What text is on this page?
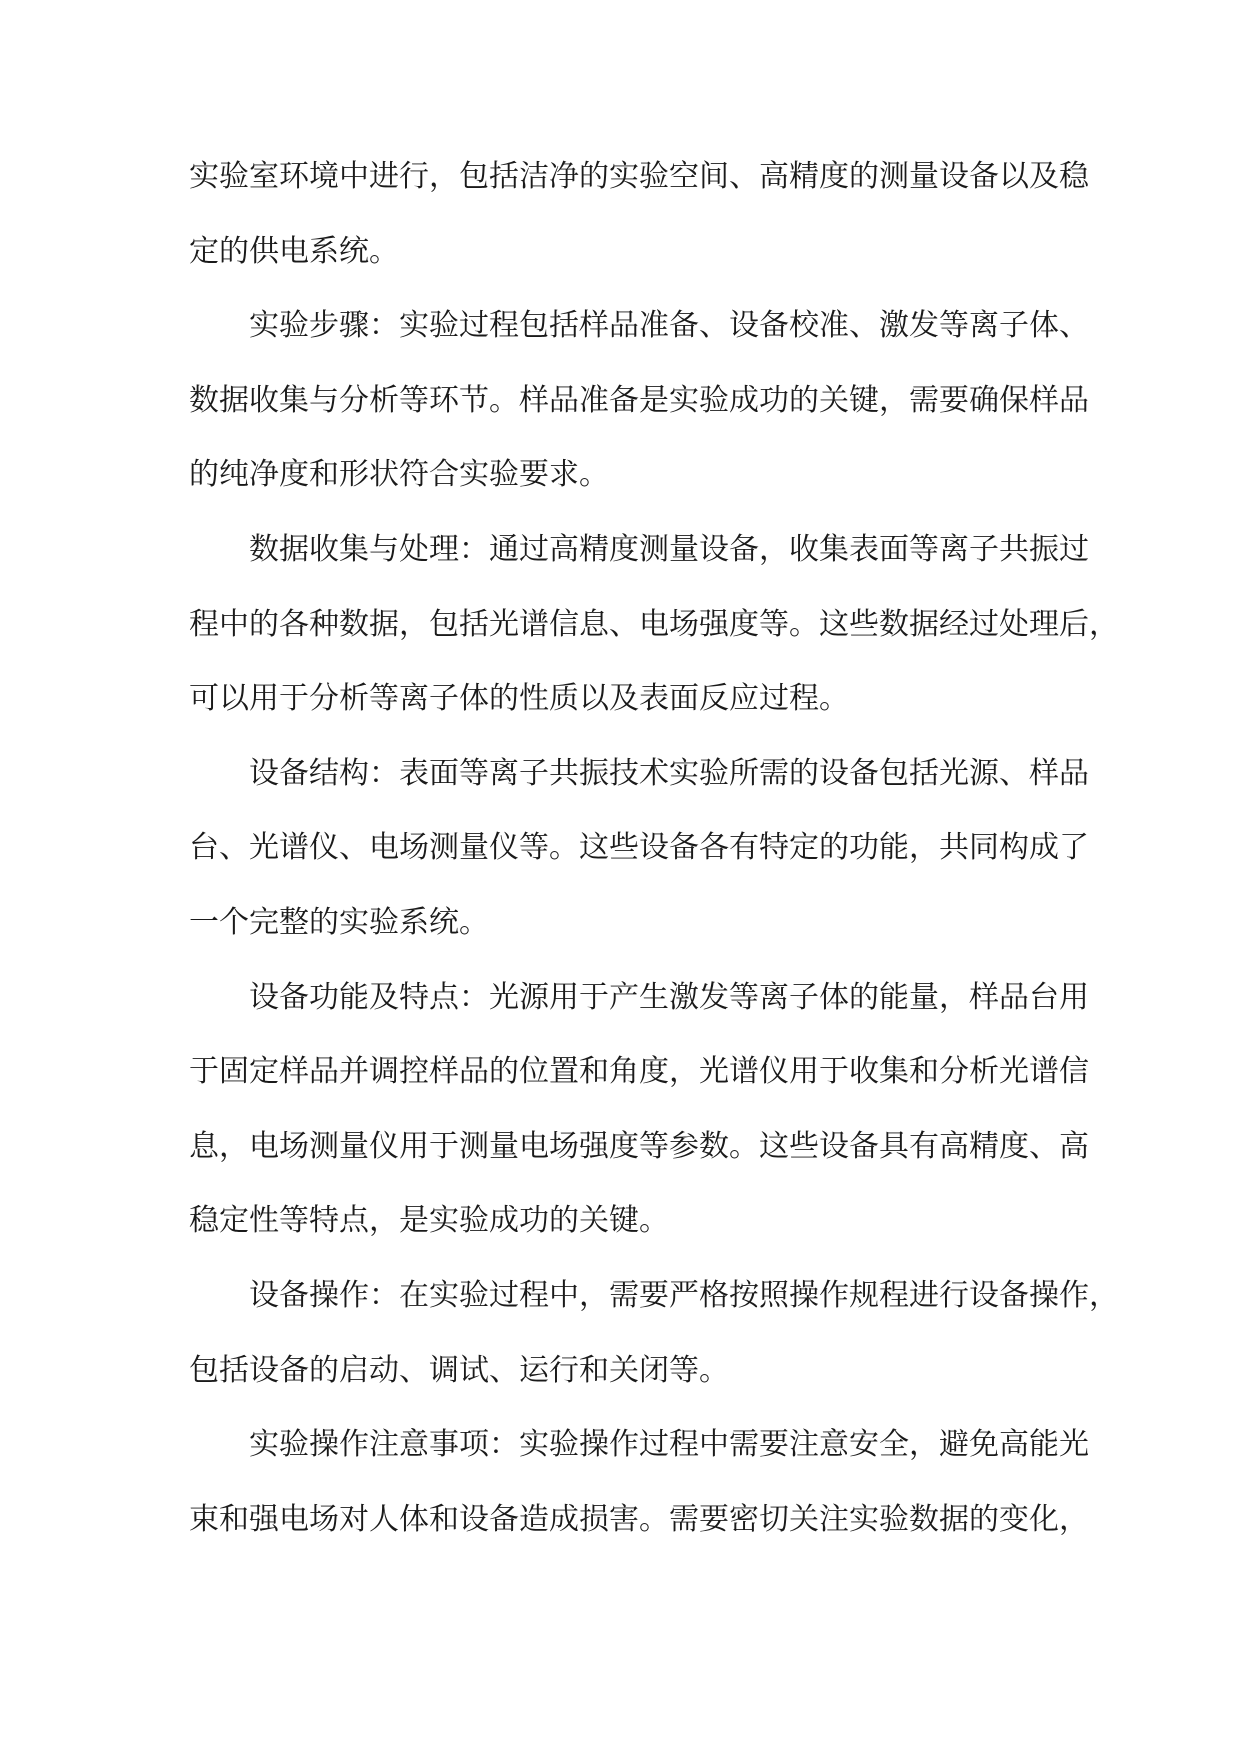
实验室环境中进行，包括洁净的实验空间、高精度的测量设备以及稳
定的供电系统。

实验步骤：实验过程包括样品准备、设备校准、激发等离子体、
数据收集与分析等环节。样品准备是实验成功的关键，需要确保样品
的纯净度和形状符合实验要求。

数据收集与处理：通过高精度测量设备，收集表面等离子共振过
程中的各种数据，包括光谱信息、电场强度等。这些数据经过处理后，
可以用于分析等离子体的性质以及表面反应过程。

设备结构：表面等离子共振技术实验所需的设备包括光源、样品
台、光谱仪、电场测量仪等。这些设备各有特定的功能，共同构成了
一个完整的实验系统。

设备功能及特点：光源用于产生激发等离子体的能量，样品台用
于固定样品并调控样品的位置和角度，光谱仪用于收集和分析光谱信
息，电场测量仪用于测量电场强度等参数。这些设备具有高精度、高
稳定性等特点，是实验成功的关键。

设备操作：在实验过程中，需要严格按照操作规程进行设备操作，
包括设备的启动、调试、运行和关闭等。

实验操作注意事项：实验操作过程中需要注意安全，避免高能光
束和强电场对人体和设备造成损害。需要密切关注实验数据的变化，
